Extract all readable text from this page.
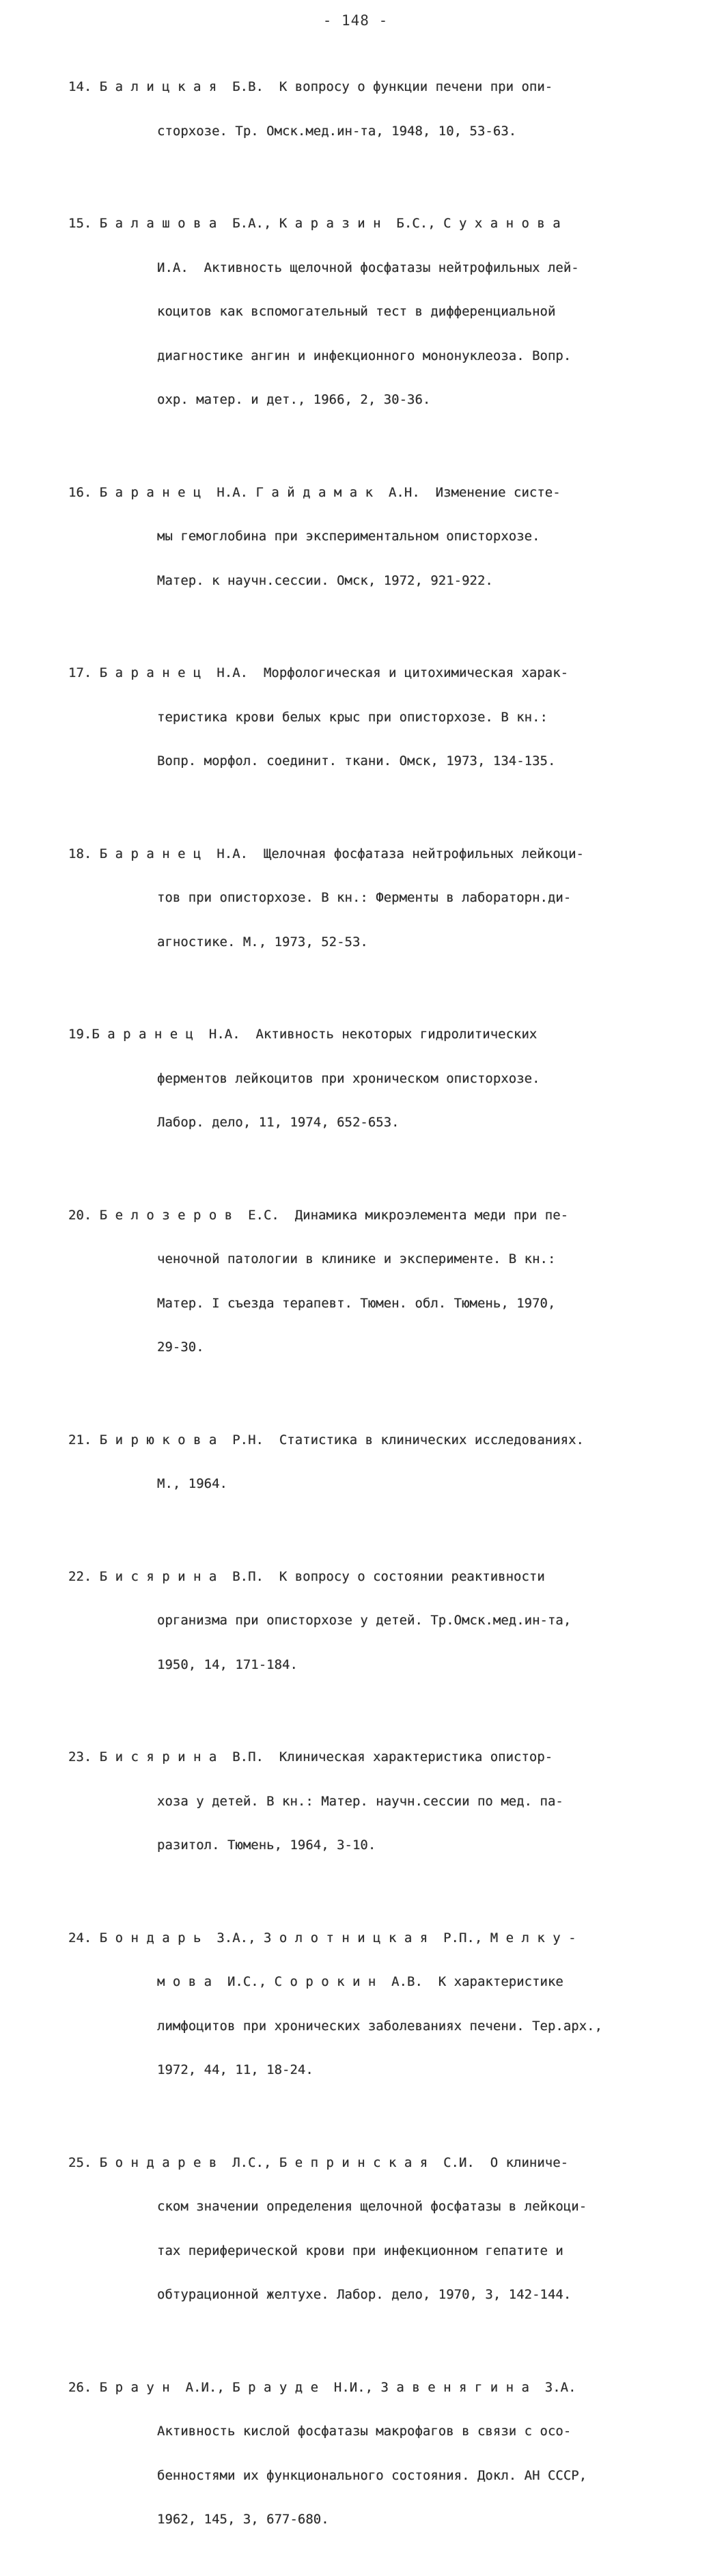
- 148 -

14. Б а л и ц к а я  Б.В.  К вопросу о функции печени при опи-

сторхозе. Тр. Омск.мед.ин-та, 1948, 10, 53-63.

15. Б а л а ш о в а  Б.А., К а р а з и н  Б.С., С у х а н о в а

И.А.  Активность щелочной фосфатазы нейтрофильных лей-

коцитов как вспомогательный тест в дифференциальной

диагностике ангин и инфекционного мононуклеоза. Вопр.

охр. матер. и дет., 1966, 2, 30-36.

16. Б а р а н е ц  Н.А. Г а й д а м а к  А.Н.  Изменение систе-

мы гемоглобина при экспериментальном описторхозе.

Матер. к научн.сессии. Омск, 1972, 921-922.

17. Б а р а н е ц  Н.А.  Морфологическая и цитохимическая харак-

теристика крови белых крыс при описторхозе. В кн.:

Вопр. морфол. соединит. ткани. Омск, 1973, 134-135.

18. Б а р а н е ц  Н.А.  Щелочная фосфатаза нейтрофильных лейкоци-

тов при описторхозе. В кн.: Ферменты в лабораторн.ди-

агностике. М., 1973, 52-53.

19.Б а р а н е ц  Н.А.  Активность некоторых гидролитических

ферментов лейкоцитов при хроническом описторхозе.

Лабор. дело, 11, 1974, 652-653.

20. Б е л о з е р о в  Е.С.  Динамика микроэлемента меди при пе-

ченочной патологии в клинике и эксперименте. В кн.:

Матер. I съезда терапевт. Тюмен. обл. Тюмень, 1970,

29-30.

21. Б и р ю к о в а  Р.Н.  Статистика в клинических исследованиях.

М., 1964.

22. Б и с я р и н а  В.П.  К вопросу о состоянии реактивности

организма при описторхозе у детей. Тр.Омск.мед.ин-та,

1950, 14, 171-184.

23. Б и с я р и н а  В.П.  Клиническая характеристика опистор-

хоза у детей. В кн.: Матер. научн.сессии по мед. па-

разитол. Тюмень, 1964, 3-10.

24. Б о н д а р ь  З.А., З о л о т н и ц к а я  Р.П., М е л к у -

м о в а  И.С., С о р о к и н  А.В.  К характеристике

лимфоцитов при хронических заболеваниях печени. Тер.арх.,

1972, 44, 11, 18-24.

25. Б о н д а р е в  Л.С., Б е п р и н с к а я  С.И.  О клиниче-

ском значении определения щелочной фосфатазы в лейкоци-

тах периферической крови при инфекционном гепатите и

обтурационной желтухе. Лабор. дело, 1970, 3, 142-144.

26. Б р а у н  А.И., Б р а у д е  Н.И., З а в е н я г и н а  З.А.

Активность кислой фосфатазы макрофагов в связи с осо-

бенностями их функционального состояния. Докл. АН СССР,

1962, 145, 3, 677-680.
